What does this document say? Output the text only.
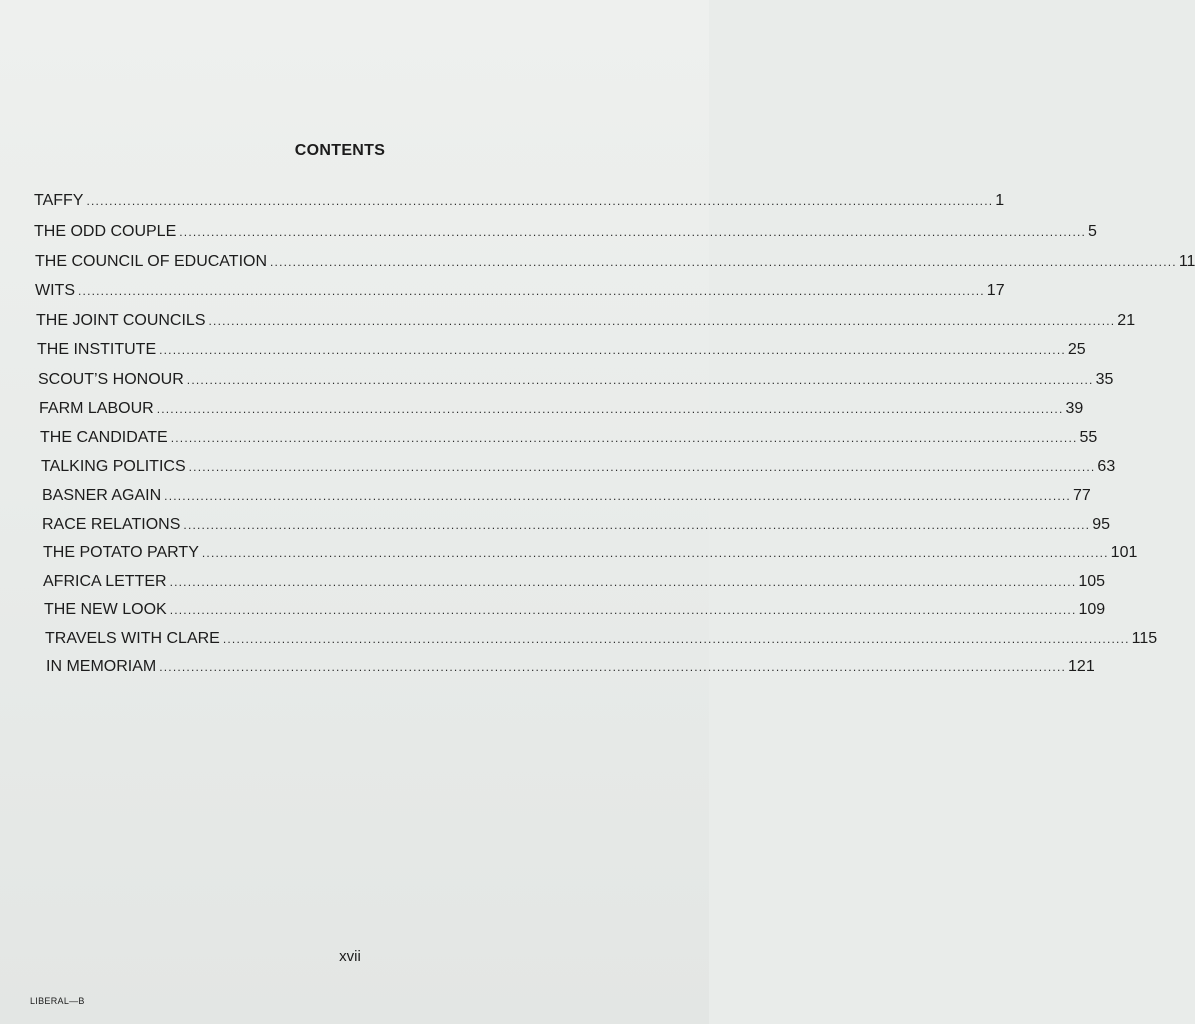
CONTENTS
TAFFY ........................................................................................................................................................................................................ 1
THE ODD COUPLE ........................................................................................................................................................................................................ 5
THE COUNCIL OF EDUCATION ........................................................................................................................................................................................................ 11
WITS ........................................................................................................................................................................................................ 17
THE JOINT COUNCILS ........................................................................................................................................................................................................ 21
THE INSTITUTE ........................................................................................................................................................................................................ 25
SCOUT’S HONOUR ........................................................................................................................................................................................................ 35
FARM LABOUR ........................................................................................................................................................................................................ 39
THE CANDIDATE ........................................................................................................................................................................................................ 55
TALKING POLITICS ........................................................................................................................................................................................................ 63
BASNER AGAIN ........................................................................................................................................................................................................ 77
RACE RELATIONS ........................................................................................................................................................................................................ 95
THE POTATO PARTY ........................................................................................................................................................................................................ 101
AFRICA LETTER ........................................................................................................................................................................................................ 105
THE NEW LOOK ........................................................................................................................................................................................................ 109
TRAVELS WITH CLARE ........................................................................................................................................................................................................ 115
IN MEMORIAM ........................................................................................................................................................................................................ 121
xvii
LIBERAL—B
